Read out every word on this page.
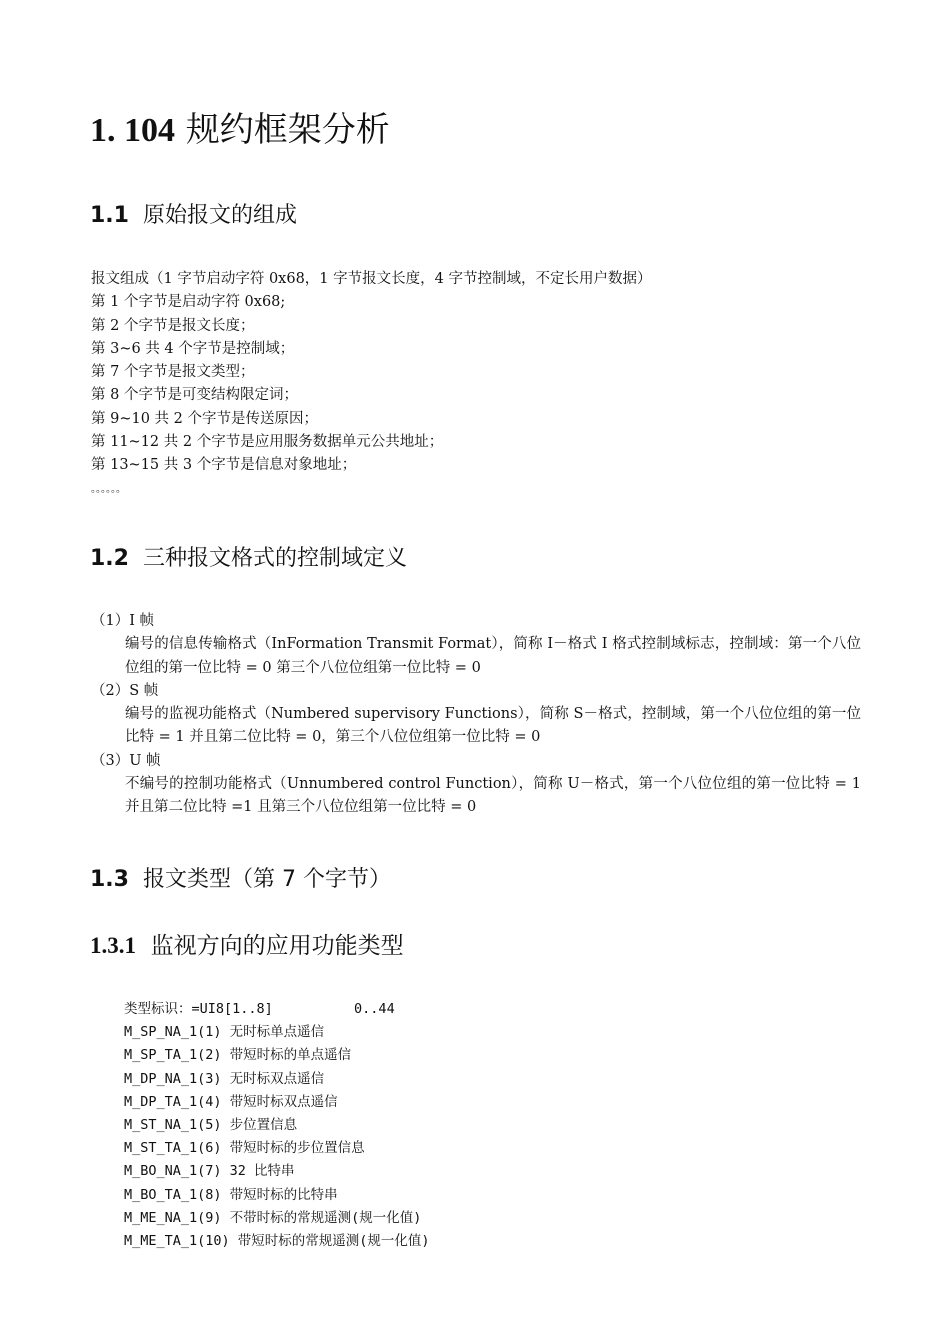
1. 104 规约框架分析
1.1 原始报文的组成
报文组成（1 字节启动字符 0x68，1 字节报文长度，4 字节控制域，不定长用户数据）
第 1 个字节是启动字符 0x68;
第 2 个字节是报文长度；
第 3~6 共 4 个字节是控制域；
第 7 个字节是报文类型；
第 8 个字节是可变结构限定词；
第 9~10 共 2 个字节是传送原因；
第 11~12 共 2 个字节是应用服务数据单元公共地址；
第 13~15 共 3 个字节是信息对象地址；
。。。。。。
1.2 三种报文格式的控制域定义
（1）I 帧
编号的信息传输格式（InFormation Transmit Format），简称 I－格式 I 格式控制域标志，控制域：第一个八位位组的第一位比特 = 0 第三个八位位组第一位比特 = 0
（2）S 帧
编号的监视功能格式（Numbered supervisory Functions），简称 S－格式，控制域，第一个八位位组的第一位比特 = 1 并且第二位比特 = 0，第三个八位位组第一位比特 = 0
（3）U 帧
不编号的控制功能格式（Unnumbered control Function），简称 U－格式，第一个八位位组的第一位比特 = 1 并且第二位比特 =1 且第三个八位位组第一位比特 = 0
1.3 报文类型（第 7 个字节）
1.3.1 监视方向的应用功能类型
类型标识：=UI8[1..8]          0..44
M_SP_NA_1(1) 无时标单点遥信
M_SP_TA_1(2) 带短时标的单点遥信
M_DP_NA_1(3) 无时标双点遥信
M_DP_TA_1(4) 带短时标双点遥信
M_ST_NA_1(5) 步位置信息
M_ST_TA_1(6) 带短时标的步位置信息
M_BO_NA_1(7) 32 比特串
M_BO_TA_1(8) 带短时标的比特串
M_ME_NA_1(9) 不带时标的常规遥测(规一化值)
M_ME_TA_1(10) 带短时标的常规遥测(规一化值)
